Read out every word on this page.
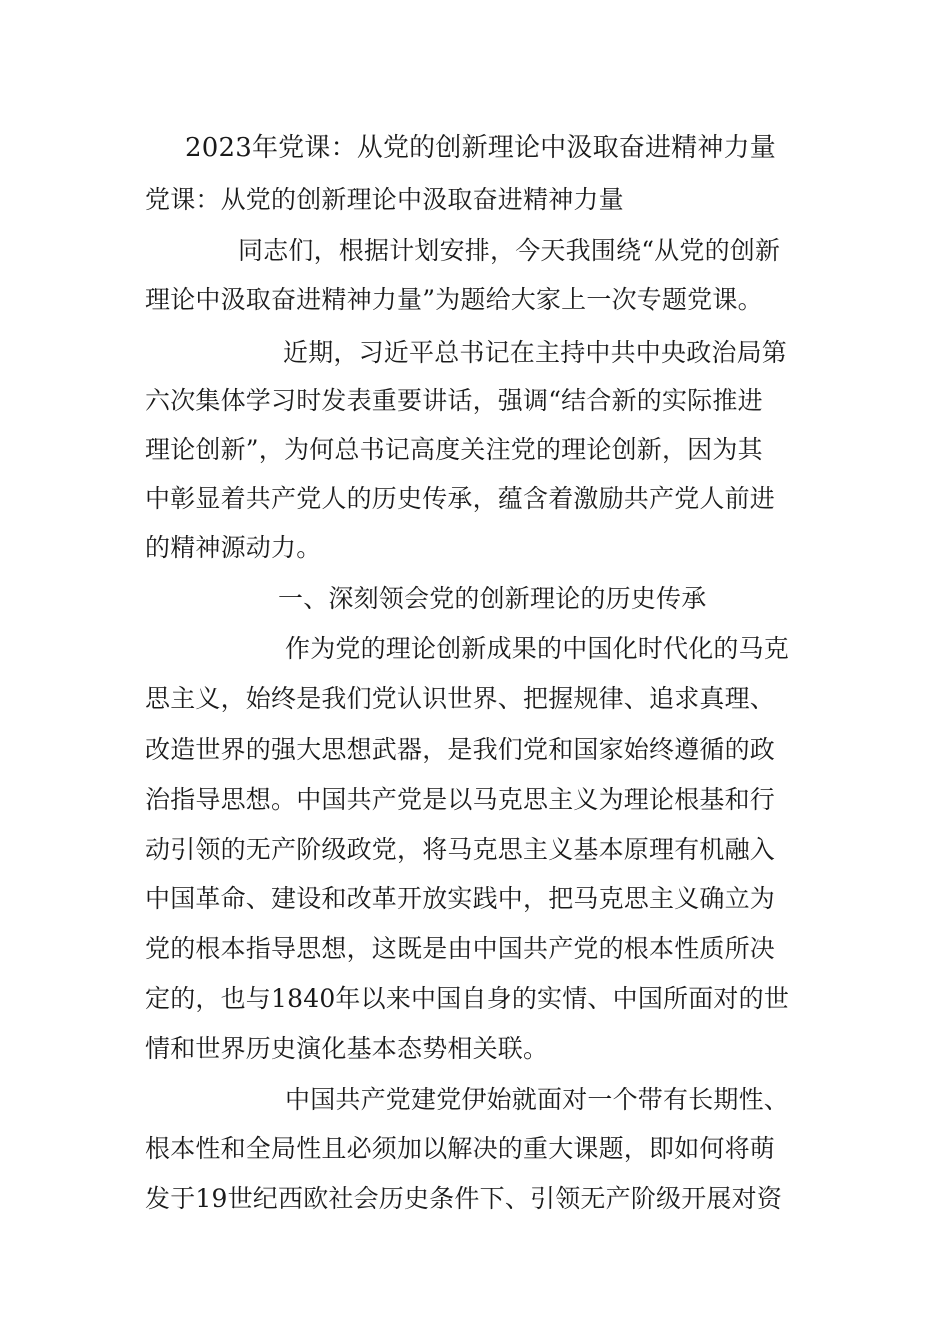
2023年党课：从党的创新理论中汲取奋进精神力量
党课：从党的创新理论中汲取奋进精神力量
同志们，根据计划安排，今天我围绕“从党的创新
理论中汲取奋进精神力量”为题给大家上一次专题党课。
近期，习近平总书记在主持中共中央政治局第
六次集体学习时发表重要讲话，强调“结合新的实际推进
理论创新”，为何总书记高度关注党的理论创新，因为其
中彰显着共产党人的历史传承，蕴含着激励共产党人前进
的精神源动力。
一、深刻领会党的创新理论的历史传承
作为党的理论创新成果的中国化时代化的马克
思主义，始终是我们党认识世界、把握规律、追求真理、
改造世界的强大思想武器，是我们党和国家始终遵循的政
治指导思想。中国共产党是以马克思主义为理论根基和行
动引领的无产阶级政党，将马克思主义基本原理有机融入
中国革命、建设和改革开放实践中，把马克思主义确立为
党的根本指导思想，这既是由中国共产党的根本性质所决
定的，也与1840年以来中国自身的实情、中国所面对的世
情和世界历史演化基本态势相关联。
中国共产党建党伊始就面对一个带有长期性、
根本性和全局性且必须加以解决的重大课题，即如何将萌
发于19世纪西欧社会历史条件下、引领无产阶级开展对资
